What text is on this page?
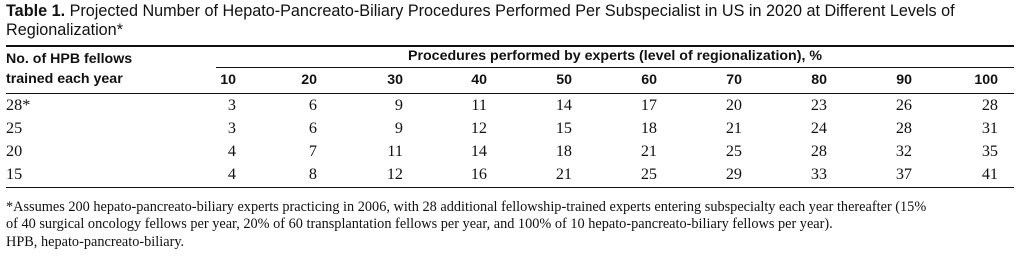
Table 1. Projected Number of Hepato-Pancreato-Biliary Procedures Performed Per Subspecialist in US in 2020 at Different Levels of Regionalization*
No. of HPB fellows
trained each year
Procedures performed by experts (level of regionalization), %
10	20	30	40	50	60	70	80	90	100
28*	3	6	9	11	14	17	20	23	26	28
25	3	6	9	12	15	18	21	24	28	31
20	4	7	11	14	18	21	25	28	32	35
15	4	8	12	16	21	25	29	33	37	41
*Assumes 200 hepato-pancreato-biliary experts practicing in 2006, with 28 additional fellowship-trained experts entering subspecialty each year thereafter (15%
of 40 surgical oncology fellows per year, 20% of 60 transplantation fellows per year, and 100% of 10 hepato-pancreato-biliary fellows per year).
HPB, hepato-pancreato-biliary.
